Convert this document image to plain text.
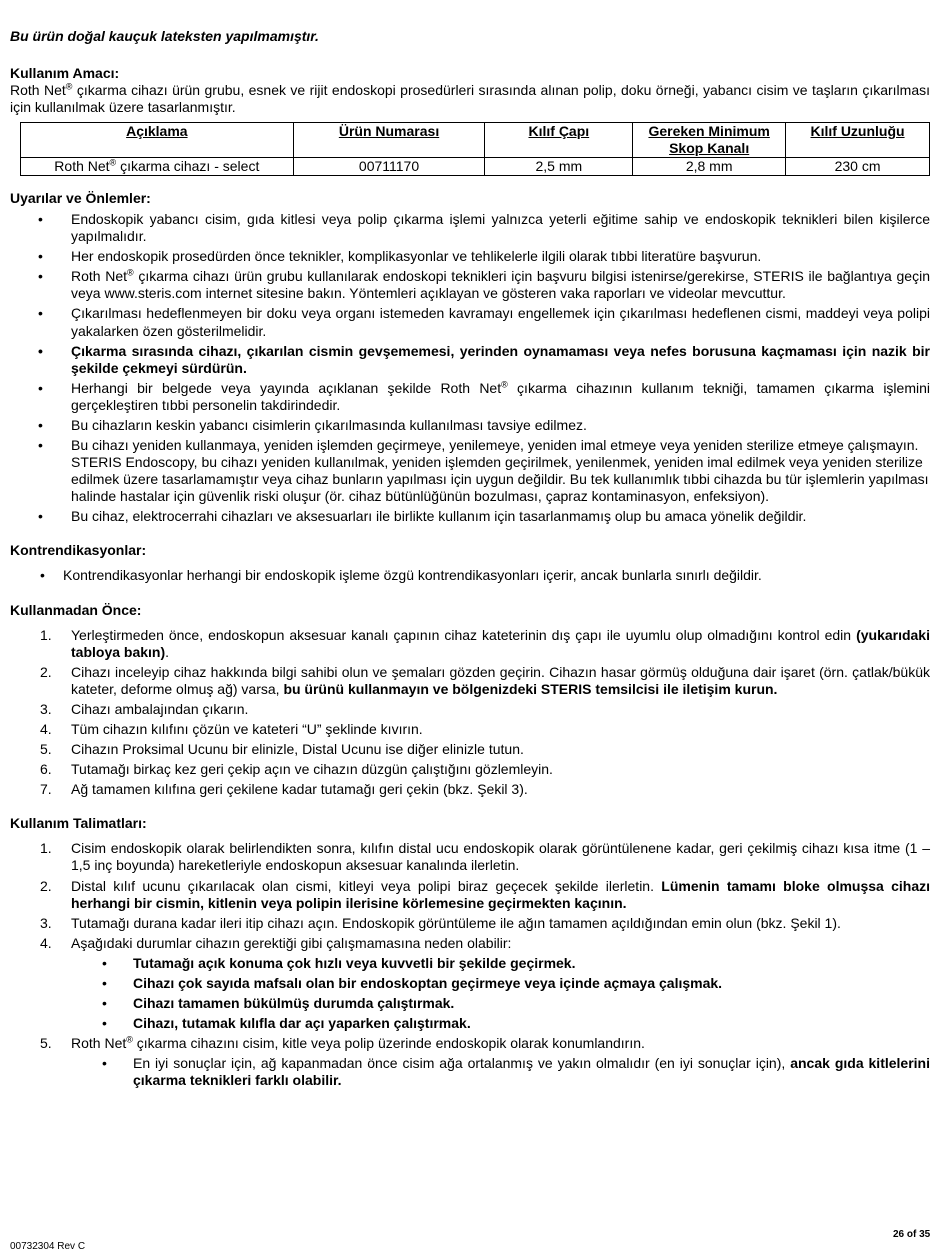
Bu ürün doğal kauçuk lateksten yapılmamıştır.

Kullanım Amacı:

Roth Net® çıkarma cihazı ürün grubu, esnek ve rijit endoskopi prosedürleri sırasında alınan polip, doku örneği, yabancı cisim ve taşların çıkarılması için kullanılmak üzere tasarlanmıştır.

Açıklama	Ürün Numarası	Kılıf Çapı	Gereken Minimum Skop Kanalı	Kılıf Uzunluğu
Roth Net® çıkarma cihazı - select	00711170	2,5 mm	2,8 mm	230 cm

Uyarılar ve Önlemler:

• Endoskopik yabancı cisim, gıda kitlesi veya polip çıkarma işlemi yalnızca yeterli eğitime sahip ve endoskopik teknikleri bilen kişilerce yapılmalıdır.
• Her endoskopik prosedürden önce teknikler, komplikasyonlar ve tehlikelerle ilgili olarak tıbbi literatüre başvurun.
• Roth Net® çıkarma cihazı ürün grubu kullanılarak endoskopi teknikleri için başvuru bilgisi istenirse/gerekirse, STERIS ile bağlantıya geçin veya www.steris.com internet sitesine bakın. Yöntemleri açıklayan ve gösteren vaka raporları ve videolar mevcuttur.
• Çıkarılması hedeflenmeyen bir doku veya organı istemeden kavramayı engellemek için çıkarılması hedeflenen cismi, maddeyi veya polipi yakalarken özen gösterilmelidir.
• Çıkarma sırasında cihazı, çıkarılan cismin gevşememesi, yerinden oynamaması veya nefes borusuna kaçmaması için nazik bir şekilde çekmeyi sürdürün.
• Herhangi bir belgede veya yayında açıklanan şekilde Roth Net® çıkarma cihazının kullanım tekniği, tamamen çıkarma işlemini gerçekleştiren tıbbi personelin takdirindedir.
• Bu cihazların keskin yabancı cisimlerin çıkarılmasında kullanılması tavsiye edilmez.
• Bu cihazı yeniden kullanmaya, yeniden işlemden geçirmeye, yenilemeye, yeniden imal etmeye veya yeniden sterilize etmeye çalışmayın. STERIS Endoscopy, bu cihazı yeniden kullanılmak, yeniden işlemden geçirilmek, yenilenmek, yeniden imal edilmek veya yeniden sterilize edilmek üzere tasarlamamıştır veya cihaz bunların yapılması için uygun değildir. Bu tek kullanımlık tıbbi cihazda bu tür işlemlerin yapılması halinde hastalar için güvenlik riski oluşur (ör. cihaz bütünlüğünün bozulması, çapraz kontaminasyon, enfeksiyon).
• Bu cihaz, elektrocerrahi cihazları ve aksesuarları ile birlikte kullanım için tasarlanmamış olup bu amaca yönelik değildir.

Kontrendikasyonlar:

• Kontrendikasyonlar herhangi bir endoskopik işleme özgü kontrendikasyonları içerir, ancak bunlarla sınırlı değildir.

Kullanmadan Önce:

1. Yerleştirmeden önce, endoskopun aksesuar kanalı çapının cihaz kateterinin dış çapı ile uyumlu olup olmadığını kontrol edin (yukarıdaki tabloya bakın).
2. Cihazı inceleyip cihaz hakkında bilgi sahibi olun ve şemaları gözden geçirin. Cihazın hasar görmüş olduğuna dair işaret (örn. çatlak/bükük kateter, deforme olmuş ağ) varsa, bu ürünü kullanmayın ve bölgenizdeki STERIS temsilcisi ile iletişim kurun.
3. Cihazı ambalajından çıkarın.
4. Tüm cihazın kılıfını çözün ve kateteri “U” şeklinde kıvırın.
5. Cihazın Proksimal Ucunu bir elinizle, Distal Ucunu ise diğer elinizle tutun.
6. Tutamağı birkaç kez geri çekip açın ve cihazın düzgün çalıştığını gözlemleyin.
7. Ağ tamamen kılıfına geri çekilene kadar tutamağı geri çekin (bkz. Şekil 3).

Kullanım Talimatları:

1. Cisim endoskopik olarak belirlendikten sonra, kılıfın distal ucu endoskopik olarak görüntülenene kadar, geri çekilmiş cihazı kısa itme (1 – 1,5 inç boyunda) hareketleriyle endoskopun aksesuar kanalında ilerletin.
2. Distal kılıf ucunu çıkarılacak olan cismi, kitleyi veya polipi biraz geçecek şekilde ilerletin. Lümenin tamamı bloke olmuşsa cihazı herhangi bir cismin, kitlenin veya polipin ilerisine körlemesine geçirmekten kaçının.
3. Tutamağı durana kadar ileri itip cihazı açın. Endoskopik görüntüleme ile ağın tamamen açıldığından emin olun (bkz. Şekil 1).
4. Aşağıdaki durumlar cihazın gerektiği gibi çalışmamasına neden olabilir:
• Tutamağı açık konuma çok hızlı veya kuvvetli bir şekilde geçirmek.
• Cihazı çok sayıda mafsalı olan bir endoskoptan geçirmeye veya içinde açmaya çalışmak.
• Cihazı tamamen bükülmüş durumda çalıştırmak.
• Cihazı, tutamak kılıfla dar açı yaparken çalıştırmak.
5. Roth Net® çıkarma cihazını cisim, kitle veya polip üzerinde endoskopik olarak konumlandırın.
• En iyi sonuçlar için, ağ kapanmadan önce cisim ağa ortalanmış ve yakın olmalıdır (en iyi sonuçlar için), ancak gıda kitlelerini çıkarma teknikleri farklı olabilir.
26 of 35
00732304 Rev C
